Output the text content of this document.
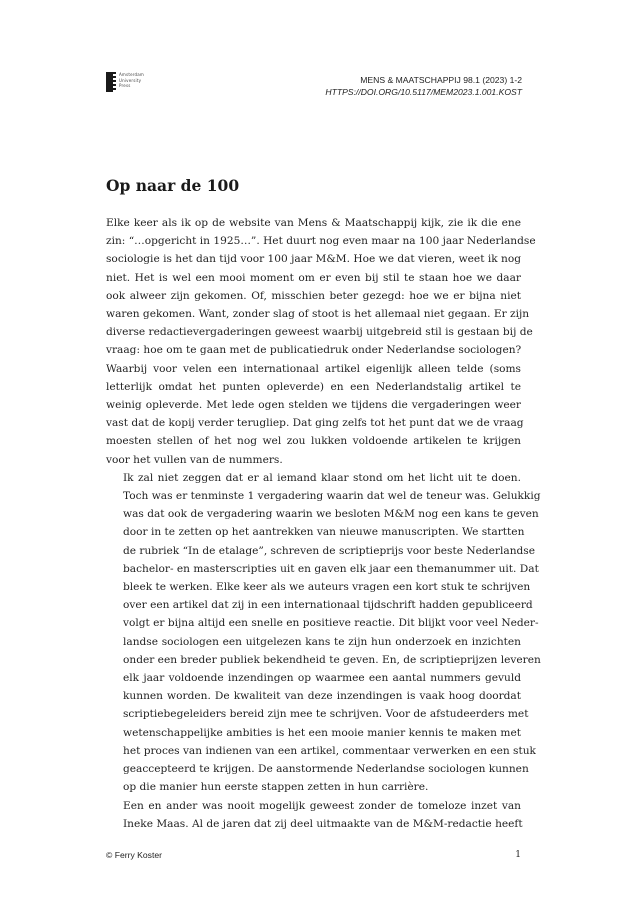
Amsterdam
University
Press
MENS & MAATSCHAPPIJ 98.1 (2023) 1-2
HTTPS://DOI.ORG/10.5117/MEM2023.1.001.KOST
Op naar de 100

Elke keer als ik op de website van Mens & Maatschappij kijk, zie ik die ene
zin: “…opgericht in 1925…”. Het duurt nog even maar na 100 jaar Nederlandse
sociologie is het dan tijd voor 100 jaar M&M. Hoe we dat vieren, weet ik nog
niet. Het is wel een mooi moment om er even bij stil te staan hoe we daar
ook alweer zijn gekomen. Of, misschien beter gezegd: hoe we er bijna niet
waren gekomen. Want, zonder slag of stoot is het allemaal niet gegaan. Er zijn
diverse redactievergaderingen geweest waarbij uitgebreid stil is gestaan bij de
vraag: hoe om te gaan met de publicatiedruk onder Nederlandse sociologen?
Waarbij voor velen een internationaal artikel eigenlijk alleen telde (soms
letterlijk omdat het punten opleverde) en een Nederlandstalig artikel te
weinig opleverde. Met lede ogen stelden we tijdens die vergaderingen weer
vast dat de kopij verder terugliep. Dat ging zelfs tot het punt dat we de vraag
moesten stellen of het nog wel zou lukken voldoende artikelen te krijgen
voor het vullen van de nummers.

Ik zal niet zeggen dat er al iemand klaar stond om het licht uit te doen.
Toch was er tenminste 1 vergadering waarin dat wel de teneur was. Gelukkig
was dat ook de vergadering waarin we besloten M&M nog een kans te geven
door in te zetten op het aantrekken van nieuwe manuscripten. We startten
de rubriek “In de etalage”, schreven de scriptieprijs voor beste Nederlandse
bachelor- en masterscripties uit en gaven elk jaar een themanummer uit. Dat
bleek te werken. Elke keer als we auteurs vragen een kort stuk te schrijven
over een artikel dat zij in een internationaal tijdschrift hadden gepubliceerd
volgt er bijna altijd een snelle en positieve reactie. Dit blijkt voor veel Neder-
landse sociologen een uitgelezen kans te zijn hun onderzoek en inzichten
onder een breder publiek bekendheid te geven. En, de scriptieprijzen leveren
elk jaar voldoende inzendingen op waarmee een aantal nummers gevuld
kunnen worden. De kwaliteit van deze inzendingen is vaak hoog doordat
scriptiebegeleiders bereid zijn mee te schrijven. Voor de afstudeerders met
wetenschappelijke ambities is het een mooie manier kennis te maken met
het proces van indienen van een artikel, commentaar verwerken en een stuk
geaccepteerd te krijgen. De aanstormende Nederlandse sociologen kunnen
op die manier hun eerste stappen zetten in hun carrière.

Een en ander was nooit mogelijk geweest zonder de tomeloze inzet van
Ineke Maas. Al de jaren dat zij deel uitmaakte van de M&M-redactie heeft

© Ferry Koster	1
